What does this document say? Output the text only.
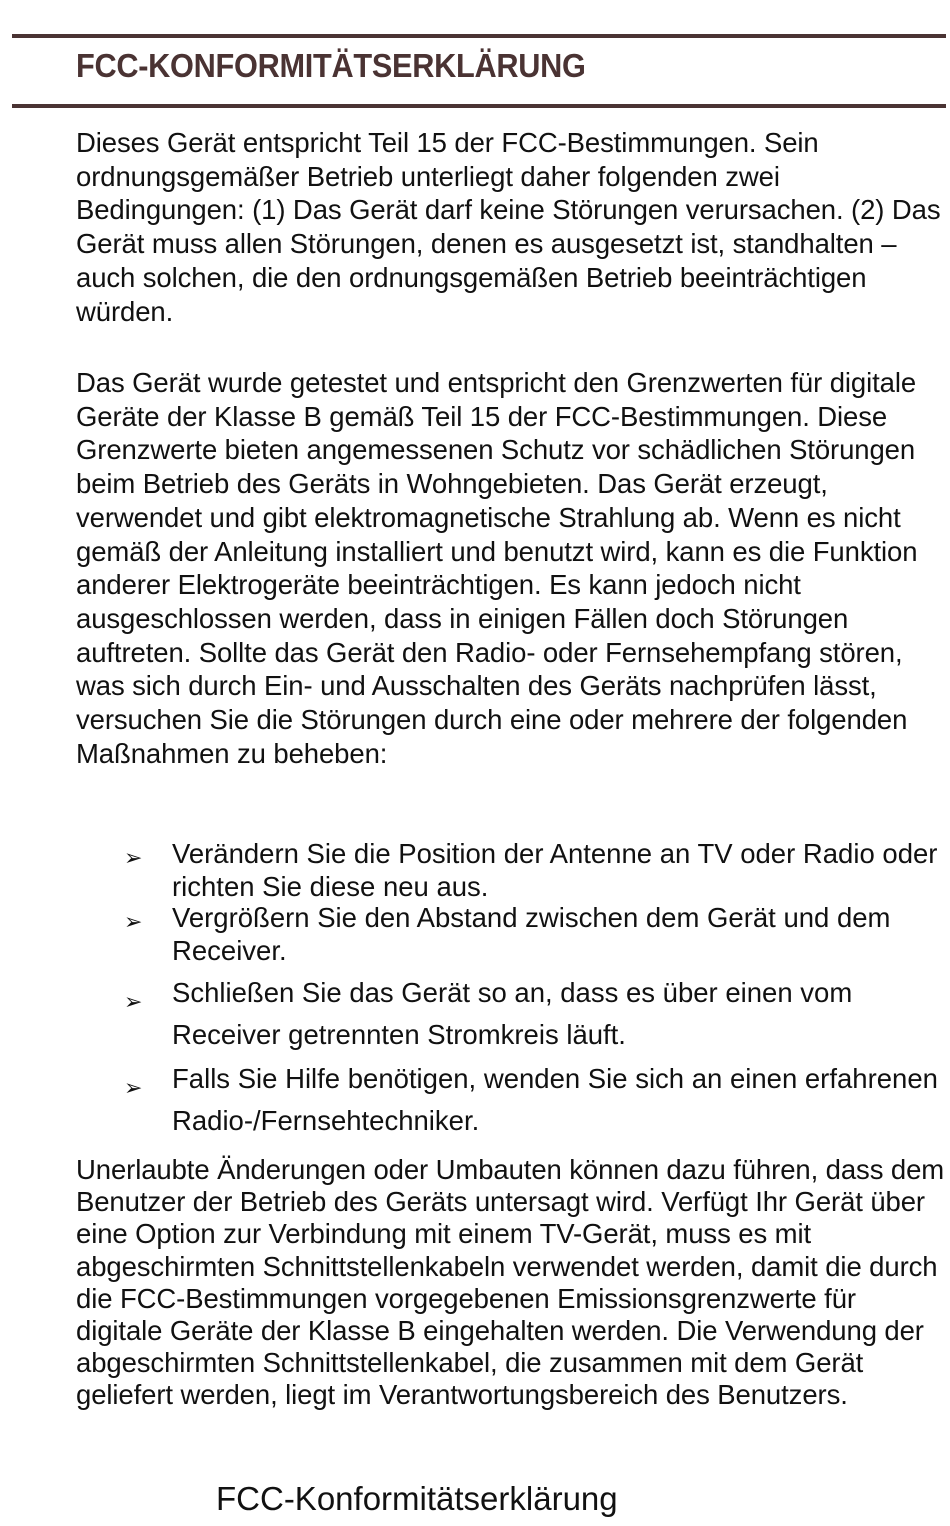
FCC-KONFORMITÄTSERKLÄRUNG

Dieses Gerät entspricht Teil 15 der FCC-Bestimmungen. Sein ordnungsgemäßer Betrieb unterliegt daher folgenden zwei Bedingungen: (1) Das Gerät darf keine Störungen verursachen. (2) Das Gerät muss allen Störungen, denen es ausgesetzt ist, standhalten – auch solchen, die den ordnungsgemäßen Betrieb beeinträchtigen würden.

Das Gerät wurde getestet und entspricht den Grenzwerten für digitale Geräte der Klasse B gemäß Teil 15 der FCC-Bestimmungen. Diese Grenzwerte bieten angemessenen Schutz vor schädlichen Störungen beim Betrieb des Geräts in Wohngebieten. Das Gerät erzeugt, verwendet und gibt elektromagnetische Strahlung ab. Wenn es nicht gemäß der Anleitung installiert und benutzt wird, kann es die Funktion anderer Elektrogeräte beeinträchtigen. Es kann jedoch nicht ausgeschlossen werden, dass in einigen Fällen doch Störungen auftreten. Sollte das Gerät den Radio- oder Fernsehempfang stören, was sich durch Ein- und Ausschalten des Geräts nachprüfen lässt, versuchen Sie die Störungen durch eine oder mehrere der folgenden Maßnahmen zu beheben:

➢ Verändern Sie die Position der Antenne an TV oder Radio oder richten Sie diese neu aus.
➢ Vergrößern Sie den Abstand zwischen dem Gerät und dem Receiver.
➢ Schließen Sie das Gerät so an, dass es über einen vom Receiver getrennten Stromkreis läuft.
➢ Falls Sie Hilfe benötigen, wenden Sie sich an einen erfahrenen Radio-/Fernsehtechniker.

Unerlaubte Änderungen oder Umbauten können dazu führen, dass dem Benutzer der Betrieb des Geräts untersagt wird. Verfügt Ihr Gerät über eine Option zur Verbindung mit einem TV-Gerät, muss es mit abgeschirmten Schnittstellenkabeln verwendet werden, damit die durch die FCC-Bestimmungen vorgegebenen Emissionsgrenzwerte für digitale Geräte der Klasse B eingehalten werden. Die Verwendung der abgeschirmten Schnittstellenkabel, die zusammen mit dem Gerät geliefert werden, liegt im Verantwortungsbereich des Benutzers.

FCC-Konformitätserklärung
